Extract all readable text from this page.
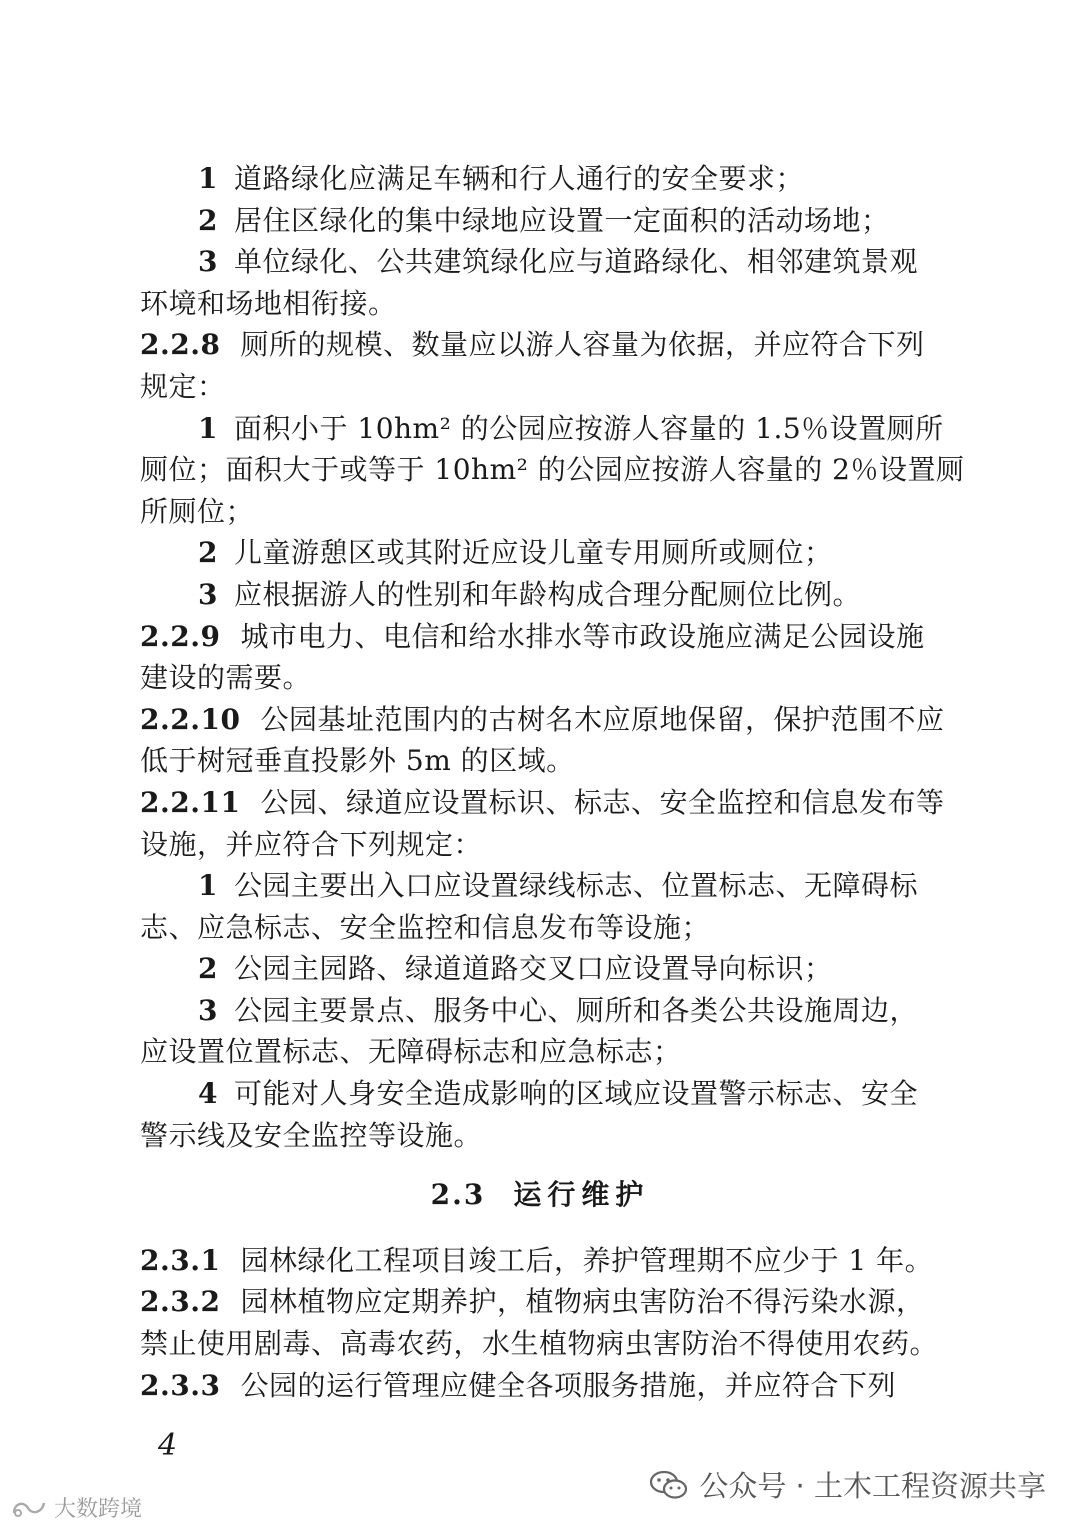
1 道路绿化应满足车辆和行人通行的安全要求；
2 居住区绿化的集中绿地应设置一定面积的活动场地；
3 单位绿化、公共建筑绿化应与道路绿化、相邻建筑景观
环境和场地相衔接。
2.2.8 厕所的规模、数量应以游人容量为依据，并应符合下列
规定：
1 面积小于 10hm² 的公园应按游人容量的 1.5％设置厕所
厕位；面积大于或等于 10hm² 的公园应按游人容量的 2％设置厕
所厕位；
2 儿童游憩区或其附近应设儿童专用厕所或厕位；
3 应根据游人的性别和年龄构成合理分配厕位比例。
2.2.9 城市电力、电信和给水排水等市政设施应满足公园设施
建设的需要。
2.2.10 公园基址范围内的古树名木应原地保留，保护范围不应
低于树冠垂直投影外 5m 的区域。
2.2.11 公园、绿道应设置标识、标志、安全监控和信息发布等
设施，并应符合下列规定：
1 公园主要出入口应设置绿线标志、位置标志、无障碍标
志、应急标志、安全监控和信息发布等设施；
2 公园主园路、绿道道路交叉口应设置导向标识；
3 公园主要景点、服务中心、厕所和各类公共设施周边，
应设置位置标志、无障碍标志和应急标志；
4 可能对人身安全造成影响的区域应设置警示标志、安全
警示线及安全监控等设施。
2.3 运行维护
2.3.1 园林绿化工程项目竣工后，养护管理期不应少于 1 年。
2.3.2 园林植物应定期养护，植物病虫害防治不得污染水源，
禁止使用剧毒、高毒农药，水生植物病虫害防治不得使用农药。
2.3.3 公园的运行管理应健全各项服务措施，并应符合下列
4
公众号 · 土木工程资源共享
大数跨境
